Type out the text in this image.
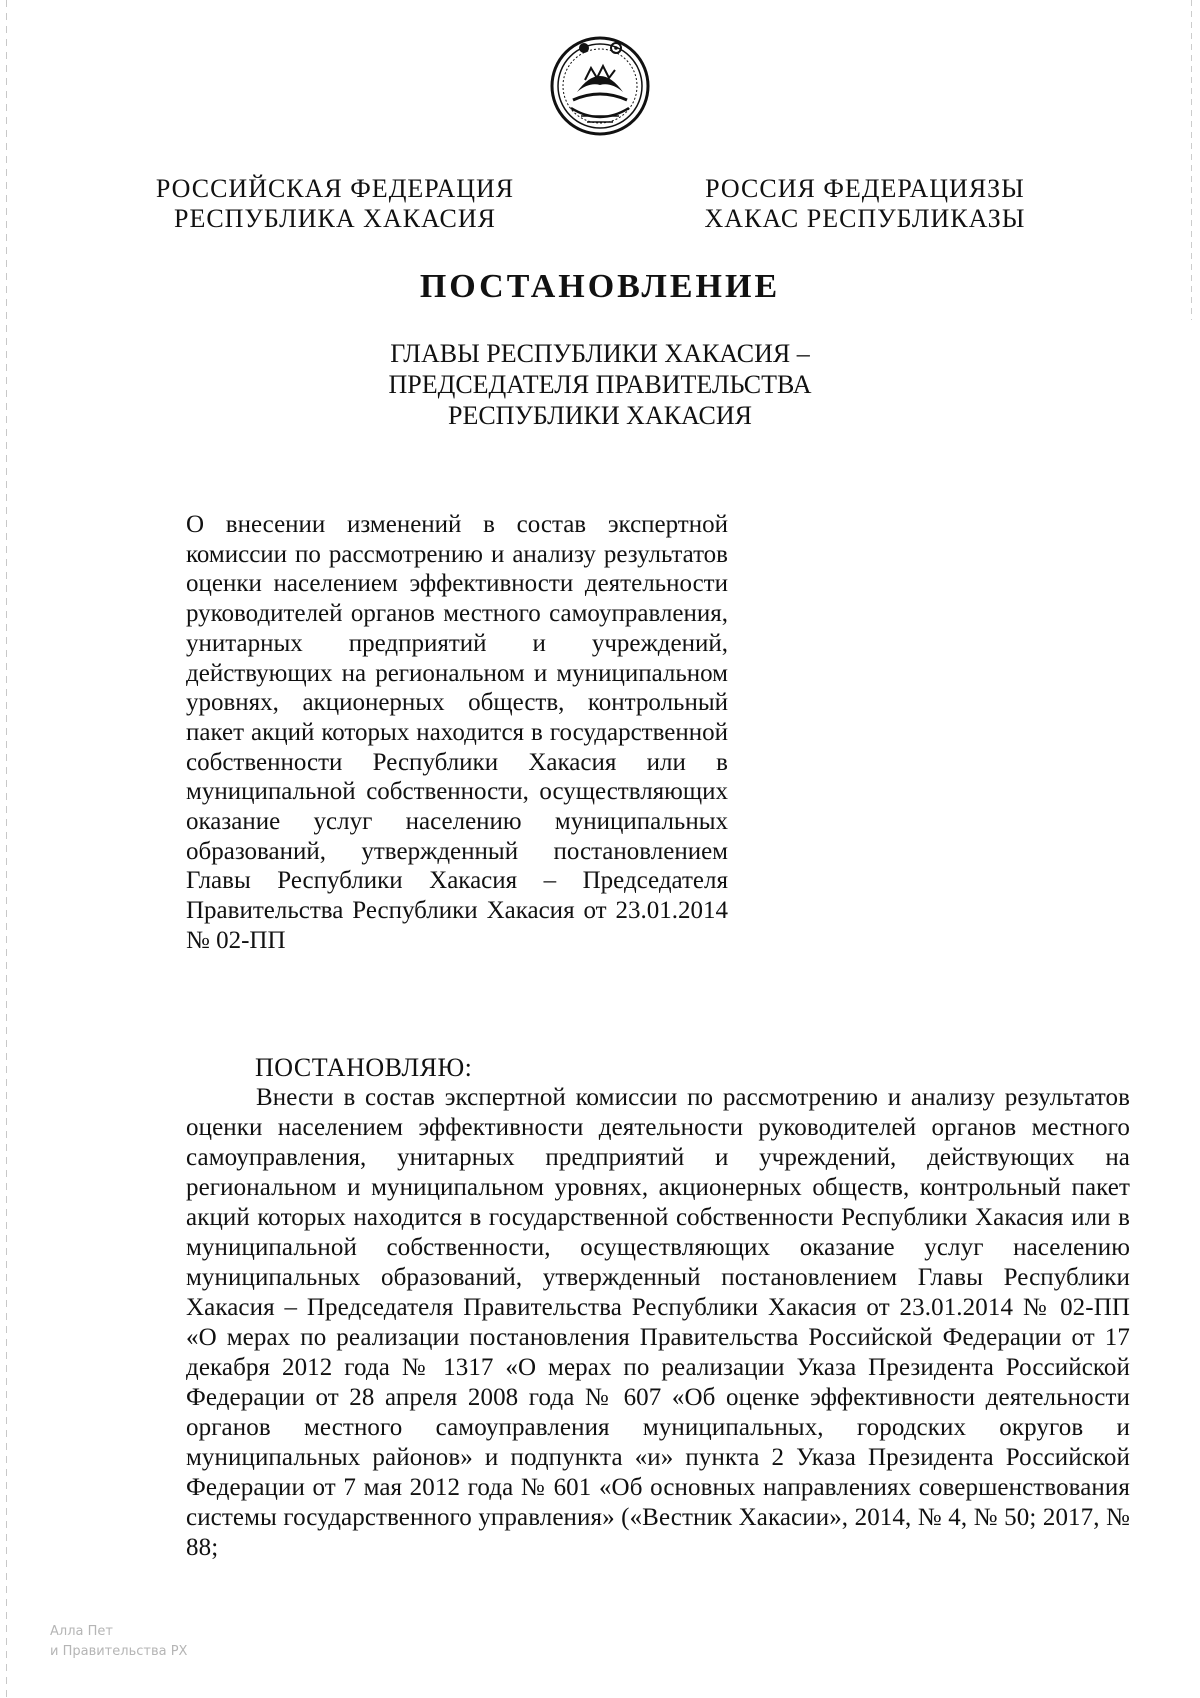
РОССИЙСКАЯ ФЕДЕРАЦИЯ
РЕСПУБЛИКА ХАКАСИЯ
РОССИЯ ФЕДЕРАЦИЯЗЫ
ХАКАС РЕСПУБЛИКАЗЫ
ПОСТАНОВЛЕНИЕ
ГЛАВЫ РЕСПУБЛИКИ ХАКАСИЯ –
ПРЕДСЕДАТЕЛЯ ПРАВИТЕЛЬСТВА
РЕСПУБЛИКИ ХАКАСИЯ
О внесении изменений в состав экспертной комиссии по рассмотрению и анализу результатов оценки населением эффективности деятельности руководителей органов местного самоуправления, унитарных предприятий и учреждений, действующих на региональном и муниципальном уровнях, акционерных обществ, контрольный пакет акций которых находится в государственной собственности Республики Хакасия или в муниципальной собственности, осуществляющих оказание услуг населению муниципальных образований, утвержденный постановлением Главы Республики Хакасия – Председателя Правительства Республики Хакасия от 23.01.2014 № 02-ПП
ПОСТАНОВЛЯЮ:
Внести в состав экспертной комиссии по рассмотрению и анализу результатов оценки населением эффективности деятельности руководителей органов местного самоуправления, унитарных предприятий и учреждений, действующих на региональном и муниципальном уровнях, акционерных обществ, контрольный пакет акций которых находится в государственной собственности Республики Хакасия или в муниципальной собственности, осуществляющих оказание услуг населению муниципальных образований, утвержденный постановлением Главы Республики Хакасия – Председателя Правительства Республики Хакасия от 23.01.2014 № 02-ПП «О мерах по реализации постановления Правительства Российской Федерации от 17 декабря 2012 года № 1317 «О мерах по реализации Указа Президента Российской Федерации от 28 апреля 2008 года № 607 «Об оценке эффективности деятельности органов местного самоуправления муниципальных, городских округов и муниципальных районов» и подпункта «и» пункта 2 Указа Президента Российской Федерации от 7 мая 2012 года № 601 «Об основных направлениях совершенствования системы государственного управления» («Вестник Хакасии», 2014, № 4, № 50; 2017, № 88;
Алла Пет
и Правительства РХ
